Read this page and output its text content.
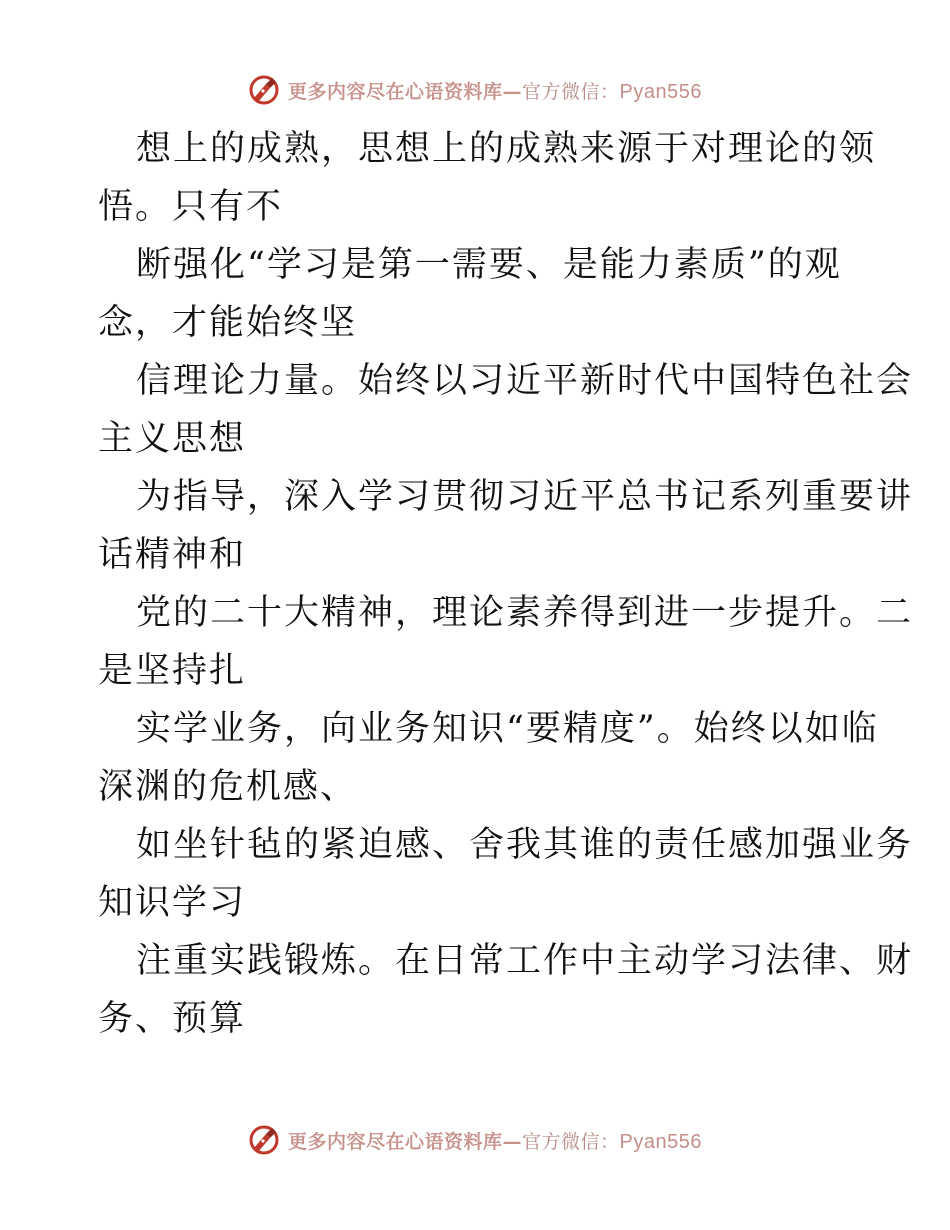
更多内容尽在心语资料库—官方微信：Pyan556
想上的成熟，思想上的成熟来源于对理论的领
悟。只有不
断强化“学习是第一需要、是能力素质”的观
念，才能始终坚
信理论力量。始终以习近平新时代中国特色社会
主义思想
为指导，深入学习贯彻习近平总书记系列重要讲
话精神和
党的二十大精神，理论素养得到进一步提升。二
是坚持扎
实学业务，向业务知识“要精度”。始终以如临
深渊的危机感、
如坐针毡的紧迫感、舍我其谁的责任感加强业务
知识学习
注重实践锻炼。在日常工作中主动学习法律、财
务、预算
更多内容尽在心语资料库—官方微信：Pyan556
